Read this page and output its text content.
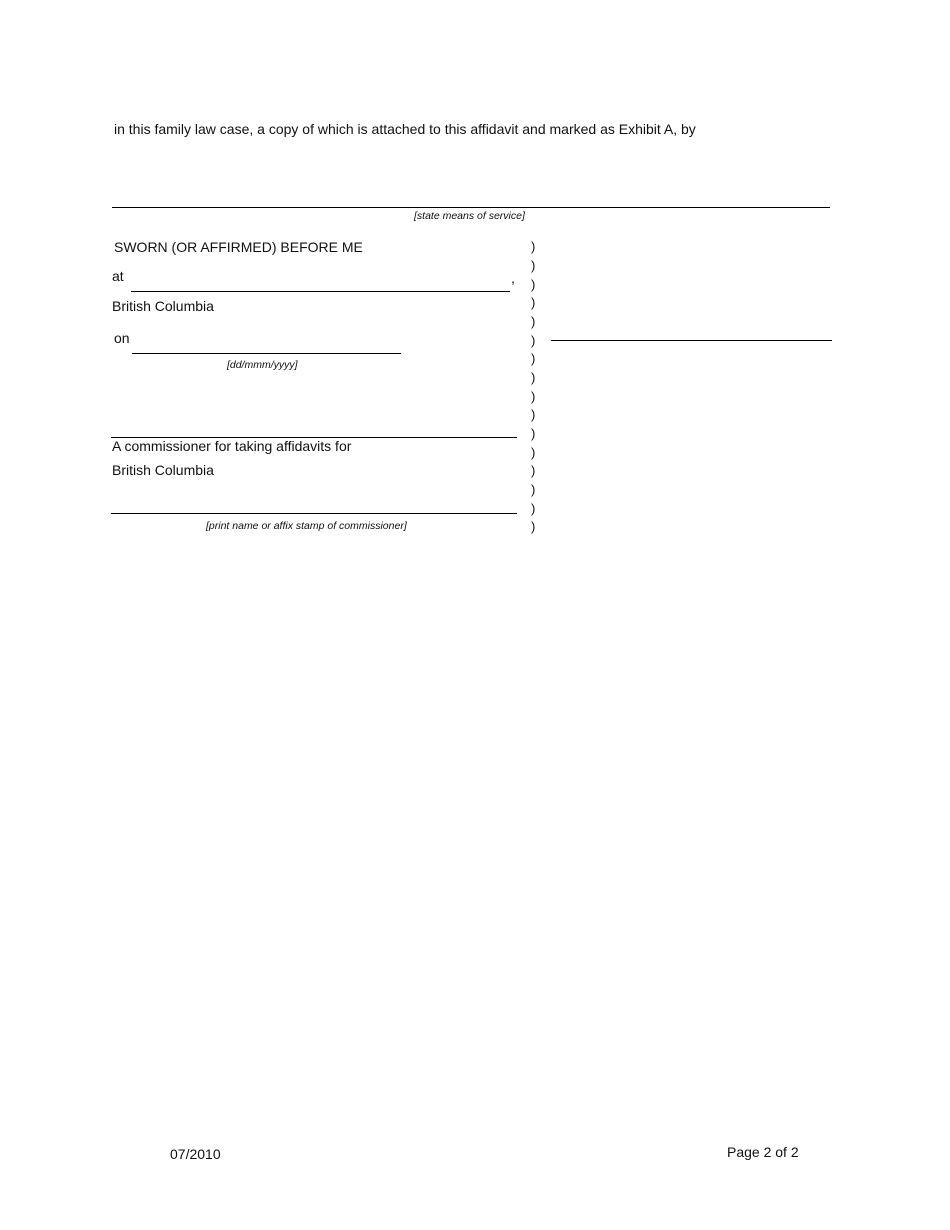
in this family law case, a copy of which is attached to this affidavit and marked as Exhibit A, by
[state means of service]
SWORN (OR AFFIRMED) BEFORE ME
at	,
British Columbia
on
[dd/mmm/yyyy]
A commissioner for taking affidavits for
British Columbia
[print name or affix stamp of commissioner]
)
)
)
)
)
)
)
)
)
)
)
)
)
)
)
)
07/2010	Page 2 of 2
